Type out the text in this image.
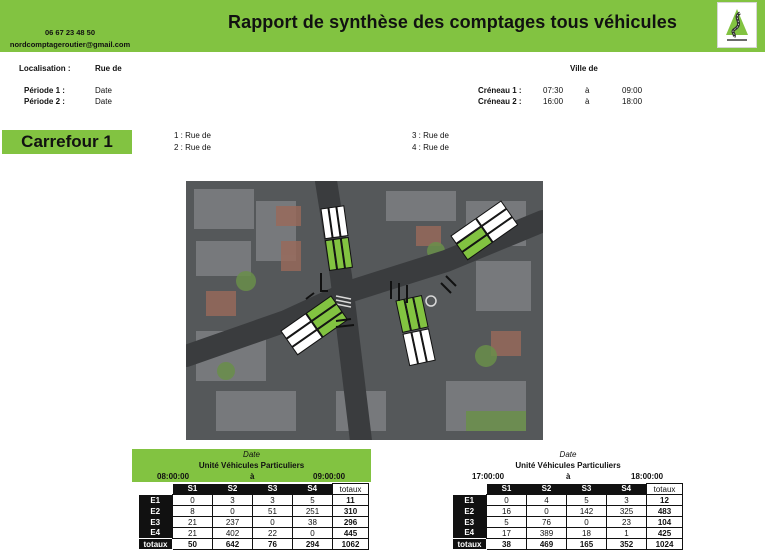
06 67 23 48 50
nordcomptageroutier@gmail.com
Rapport de synthèse des comptages tous véhicules
Localisation :	Rue de	Ville de
Période 1 :	Date
Période 2 :	Date
Créneau 1 :	07:30	à	09:00
Créneau 2 :	16:00	à	18:00
Carrefour 1	1 : Rue de
2 : Rue de
3 : Rue de
4 : Rue de
Date
Unité Véhicules Particuliers
08:00:00	à	09:00:00
Date
Unité Véhicules Particuliers
17:00:00	à	18:00:00
	S1	S2	S3	S4	totaux
E1	0	3	3	5	11
E2	8	0	51	251	310
E3	21	237	0	38	296
E4	21	402	22	0	445
totaux	50	642	76	294	1062
	S1	S2	S3	S4	totaux
E1	0	4	5	3	12
E2	16	0	142	325	483
E3	5	76	0	23	104
E4	17	389	18	1	425
totaux	38	469	165	352	1024
